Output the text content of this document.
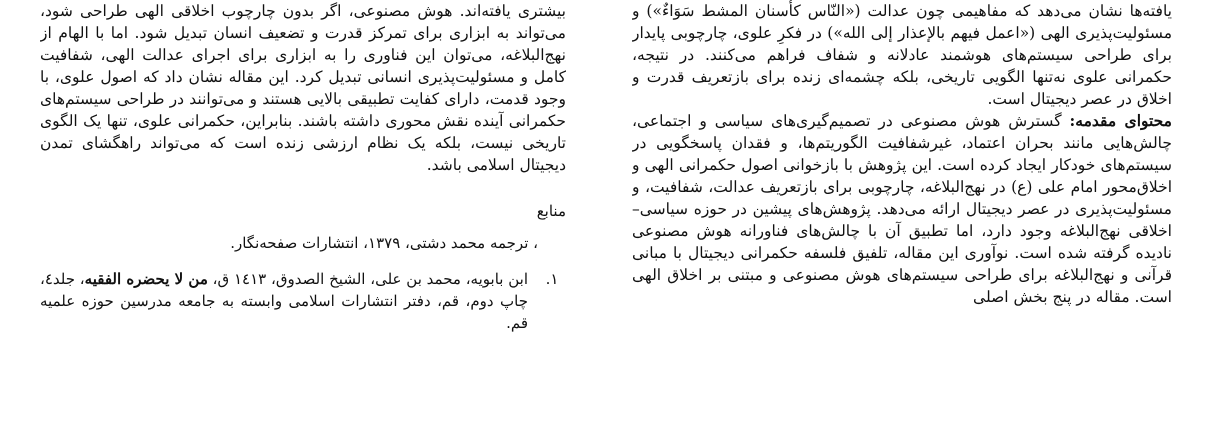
یافته‌ها نشان می‌دهد که مفاهیمی چون عدالت («النّاس کأسنان المشط سَوَاءٌ») و مسئولیت‌پذیری الهی («اعمل فیهم بالإعذار إلی الله») در فکرِ علوی، چارچوبی پایدار برای طراحی سیستم‌های هوشمند عادلانه و شفاف فراهم می‌کنند. در نتیجه، حکمرانی علوی نه‌تنها الگویی تاریخی، بلکه چشمه‌ای زنده برای بازتعریف قدرت و اخلاق در عصر دیجیتال است.

محتوای مقدمه: گسترش هوش مصنوعی در تصمیم‌گیری‌های سیاسی و اجتماعی، چالش‌هایی مانند بحران اعتماد، غیرشفافیت الگوریتم‌ها، و فقدان پاسخگویی در سیستم‌های خودکار ایجاد کرده است. این پژوهش با بازخوانی اصول حکمرانی الهی و اخلاق‌محور امام علی (ع) در نهج‌البلاغه، چارچوبی برای بازتعریف عدالت، شفافیت، و مسئولیت‌پذیری در عصر دیجیتال ارائه می‌دهد. پژوهش‌های پیشین در حوزه سیاسی–اخلاقی نهج‌البلاغه وجود دارد، اما تطبیق آن با چالش‌های فناورانه هوش مصنوعی نادیده گرفته شده است. نوآوری این مقاله، تلفیق فلسفه حکمرانی دیجیتال با مبانی قرآنی و نهج‌البلاغه برای طراحی سیستم‌های هوش مصنوعی و مبتنی بر اخلاق الهی است. مقاله در پنج بخش اصلی

بیشتری یافته‌اند. هوش مصنوعی، اگر بدون چارچوب اخلاقی الهی طراحی شود، می‌تواند به ابزاری برای تمرکز قدرت و تضعیف انسان تبدیل شود. اما با الهام از نهج‌البلاغه، می‌توان این فناوری را به ابزاری برای اجرای عدالت الهی، شفافیت کامل و مسئولیت‌پذیری انسانی تبدیل کرد. این مقاله نشان داد که اصول علوی، با وجود قدمت، دارای کفایت تطبیقی بالایی هستند و می‌توانند در طراحی سیستم‌های حکمرانی آینده نقش محوری داشته باشند. بنابراین، حکمرانی علوی، تنها یک الگوی تاریخی نیست، بلکه یک نظام ارزشی زنده است که می‌تواند راهگشای تمدن دیجیتال اسلامی باشد.

منابع
، ترجمه محمد دشتی، ۱۳۷۹، انتشارات صفحه‌نگار.
۱.
ابن بابویه، محمد بن علی، الشیخ الصدوق، ۱٤۱۳ ق، من لا یحضره الفقیه، جلد٤، چاپ دوم، قم، دفتر انتشارات اسلامی وابسته به جامعه مدرسین حوزه علمیه قم.
